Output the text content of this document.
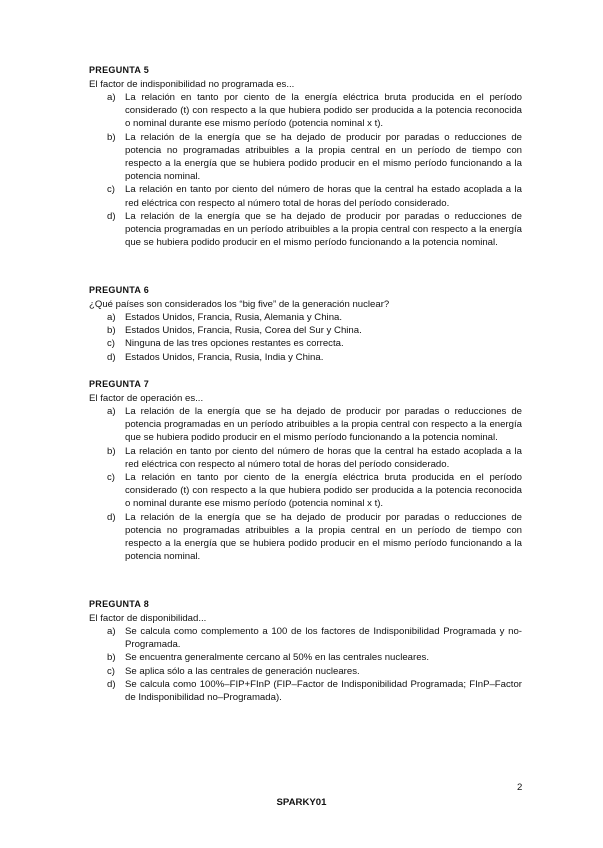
PREGUNTA 5
El factor de indisponibilidad no programada es...
a) La relación en tanto por ciento de la energía eléctrica bruta producida en el período considerado (t) con respecto a la que hubiera podido ser producida a la potencia reconocida o nominal durante ese mismo período (potencia nominal x t).
b) La relación de la energía que se ha dejado de producir por paradas o reducciones de potencia no programadas atribuibles a la propia central en un período de tiempo con respecto a la energía que se hubiera podido producir en el mismo período funcionando a la potencia nominal.
c) La relación en tanto por ciento del número de horas que la central ha estado acoplada a la red eléctrica con respecto al número total de horas del período considerado.
d) La relación de la energía que se ha dejado de producir por paradas o reducciones de potencia programadas en un período atribuibles a la propia central con respecto a la energía que se hubiera podido producir en el mismo período funcionando a la potencia nominal.
PREGUNTA 6
¿Qué países son considerados los “big five” de la generación nuclear?
a) Estados Unidos, Francia, Rusia, Alemania y China.
b) Estados Unidos, Francia, Rusia, Corea del Sur y China.
c) Ninguna de las tres opciones restantes es correcta.
d) Estados Unidos, Francia, Rusia, India y China.
PREGUNTA 7
El factor de operación es...
a) La relación de la energía que se ha dejado de producir por paradas o reducciones de potencia programadas en un período atribuibles a la propia central con respecto a la energía que se hubiera podido producir en el mismo período funcionando a la potencia nominal.
b) La relación en tanto por ciento del número de horas que la central ha estado acoplada a la red eléctrica con respecto al número total de horas del período considerado.
c) La relación en tanto por ciento de la energía eléctrica bruta producida en el período considerado (t) con respecto a la que hubiera podido ser producida a la potencia reconocida o nominal durante ese mismo período (potencia nominal x t).
d) La relación de la energía que se ha dejado de producir por paradas o reducciones de potencia no programadas atribuibles a la propia central en un período de tiempo con respecto a la energía que se hubiera podido producir en el mismo período funcionando a la potencia nominal.
PREGUNTA 8
El factor de disponibilidad...
a) Se calcula como complemento a 100 de los factores de Indisponibilidad Programada y no-Programada.
b) Se encuentra generalmente cercano al 50% en las centrales nucleares.
c) Se aplica sólo a las centrales de generación nucleares.
d) Se calcula como 100%–FIP+FInP (FIP–Factor de Indisponibilidad Programada; FInP–Factor de Indisponibilidad no–Programada).
2
SPARKY01
